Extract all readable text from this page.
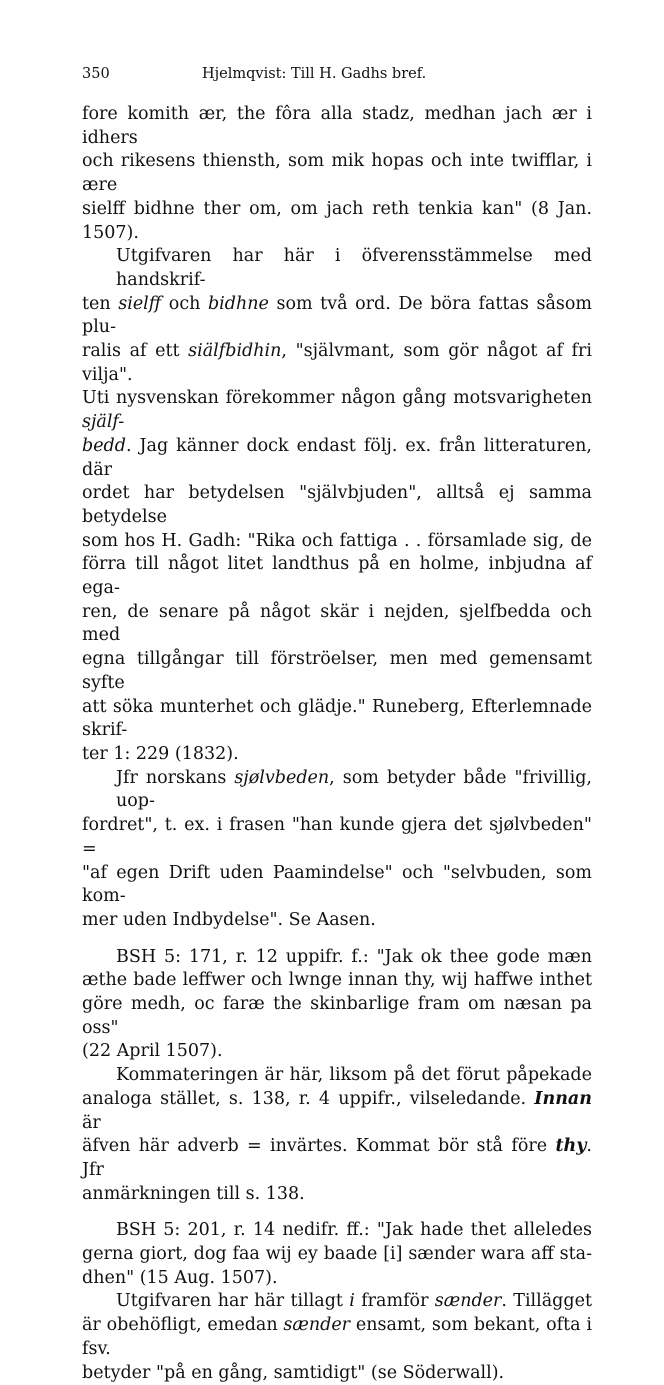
350	Hjelmqvist: Till H. Gadhs bref.

fore komith ær, the fôra alla stadz, medhan jach ær i idhers

och rikesens thiensth, som mik hopas och inte twifflar, i ære

sielff bidhne ther om, om jach reth tenkia kan" (8 Jan. 1507).

Utgifvaren har här i öfverensstämmelse med handskrif-

ten sielff och bidhne som två ord. De böra fattas såsom plu-

ralis af ett siälfbidhin, "självmant, som gör något af fri vilja".

Uti nysvenskan förekommer någon gång motsvarigheten själf-

bedd. Jag känner dock endast följ. ex. från litteraturen, där

ordet har betydelsen "självbjuden", alltså ej samma betydelse

som hos H. Gadh: "Rika och fattiga . . församlade sig, de

förra till något litet landthus på en holme, inbjudna af ega-

ren, de senare på något skär i nejden, sjelfbedda och med

egna tillgångar till förströelser, men med gemensamt syfte

att söka munterhet och glädje." Runeberg, Efterlemnade skrif-

ter 1: 229 (1832).

Jfr norskans sjølvbeden, som betyder både "frivillig, uop-

fordret", t. ex. i frasen "han kunde gjera det sjølvbeden" =

"af egen Drift uden Paamindelse" och "selvbuden, som kom-

mer uden Indbydelse". Se Aasen.

BSH 5: 171, r. 12 uppifr. f.: "Jak ok thee gode mæn

æthe bade leffwer och lwnge innan thy, wij haffwe inthet

göre medh, oc faræ the skinbarlige fram om næsan pa oss"

(22 April 1507).

Kommateringen är här, liksom på det förut påpekade

analoga stället, s. 138, r. 4 uppifr., vilseledande. Innan är

äfven här adverb = invärtes. Kommat bör stå före thy. Jfr

anmärkningen till s. 138.

BSH 5: 201, r. 14 nedifr. ff.: "Jak hade thet alleledes

gerna giort, dog faa wij ey baade [i] sænder wara aff sta-

dhen" (15 Aug. 1507).

Utgifvaren har här tillagt i framför sænder. Tillägget

är obehöfligt, emedan sænder ensamt, som bekant, ofta i fsv.

betyder "på en gång, samtidigt" (se Söderwall).
